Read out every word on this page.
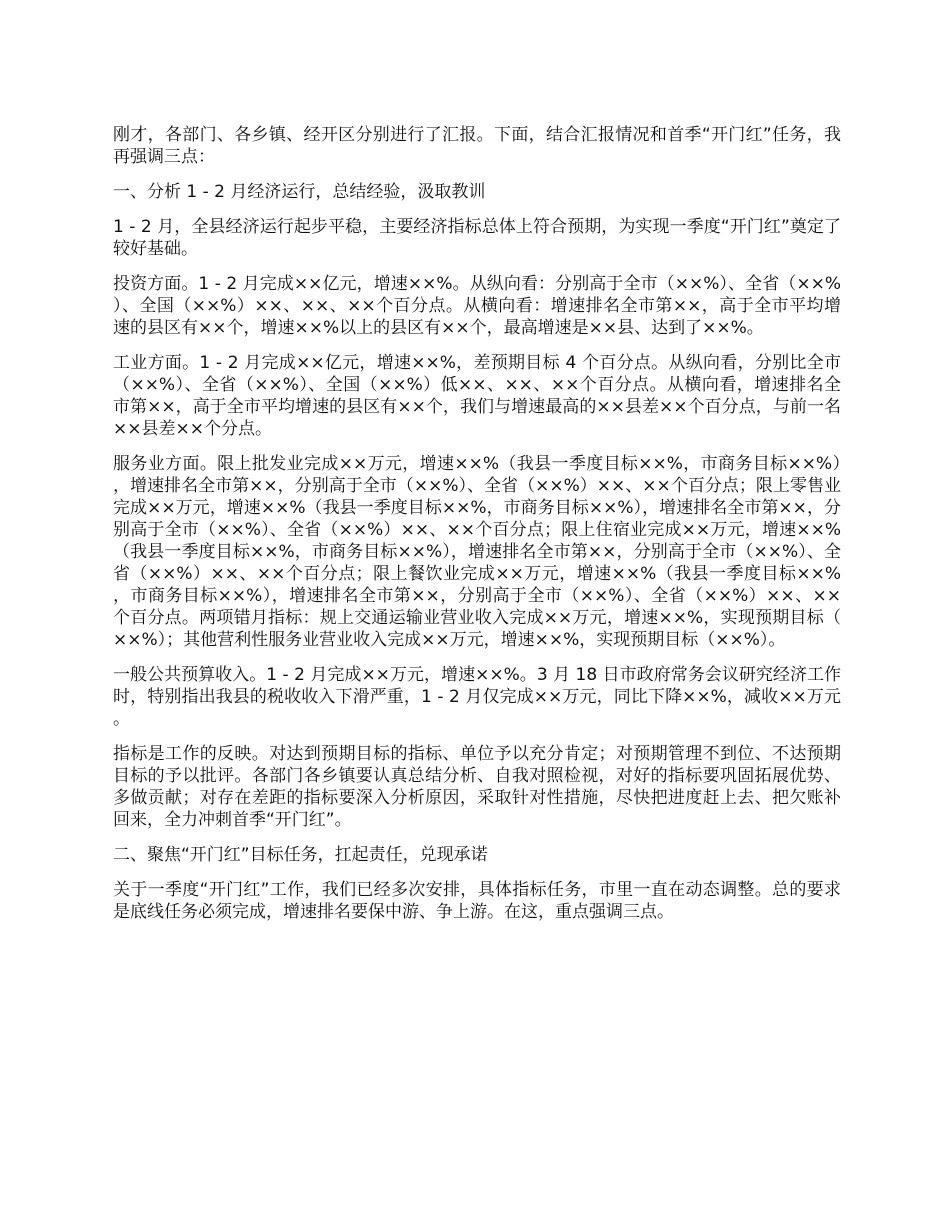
刚才，各部门、各乡镇、经开区分别进行了汇报。下面，结合汇报情况和首季“开门红”任务，我再强调三点：

一、分析 1 - 2 月经济运行，总结经验，汲取教训

1 - 2 月，全县经济运行起步平稳，主要经济指标总体上符合预期，为实现一季度“开门红”奠定了较好基础。

投资方面。1 - 2 月完成××亿元，增速××%。从纵向看：分别高于全市（××%）、全省（××%）、全国（××%）××、××、××个百分点。从横向看：增速排名全市第××，高于全市平均增速的县区有××个，增速××%以上的县区有××个，最高增速是××县、达到了××%。

工业方面。1 - 2 月完成××亿元，增速××%，差预期目标 4 个百分点。从纵向看，分别比全市（××%）、全省（××%）、全国（××%）低××、××、××个百分点。从横向看，增速排名全市第××，高于全市平均增速的县区有××个，我们与增速最高的××县差××个百分点，与前一名××县差××个分点。

服务业方面。限上批发业完成××万元，增速××%（我县一季度目标××%，市商务目标××%），增速排名全市第××，分别高于全市（××%）、全省（××%）××、××个百分点；限上零售业完成××万元，增速××%（我县一季度目标××%，市商务目标××%），增速排名全市第××，分别高于全市（××%）、全省（××%）××、××个百分点；限上住宿业完成××万元，增速××%（我县一季度目标××%，市商务目标××%），增速排名全市第××，分别高于全市（××%）、全省（××%）××、××个百分点；限上餐饮业完成××万元，增速××%（我县一季度目标××%，市商务目标××%），增速排名全市第××，分别高于全市（××%）、全省（××%）××、××个百分点。两项错月指标：规上交通运输业营业收入完成××万元，增速××%，实现预期目标（××%）；其他营利性服务业营业收入完成××万元，增速××%，实现预期目标（××%）。

一般公共预算收入。1 - 2 月完成××万元，增速××%。3 月 18 日市政府常务会议研究经济工作时，特别指出我县的税收收入下滑严重，1 - 2 月仅完成××万元，同比下降××%，减收××万元。

指标是工作的反映。对达到预期目标的指标、单位予以充分肯定；对预期管理不到位、不达预期目标的予以批评。各部门各乡镇要认真总结分析、自我对照检视，对好的指标要巩固拓展优势、多做贡献；对存在差距的指标要深入分析原因，采取针对性措施，尽快把进度赶上去、把欠账补回来，全力冲刺首季“开门红”。

二、聚焦“开门红”目标任务，扛起责任，兑现承诺

关于一季度“开门红”工作，我们已经多次安排，具体指标任务，市里一直在动态调整。总的要求是底线任务必须完成，增速排名要保中游、争上游。在这，重点强调三点。
